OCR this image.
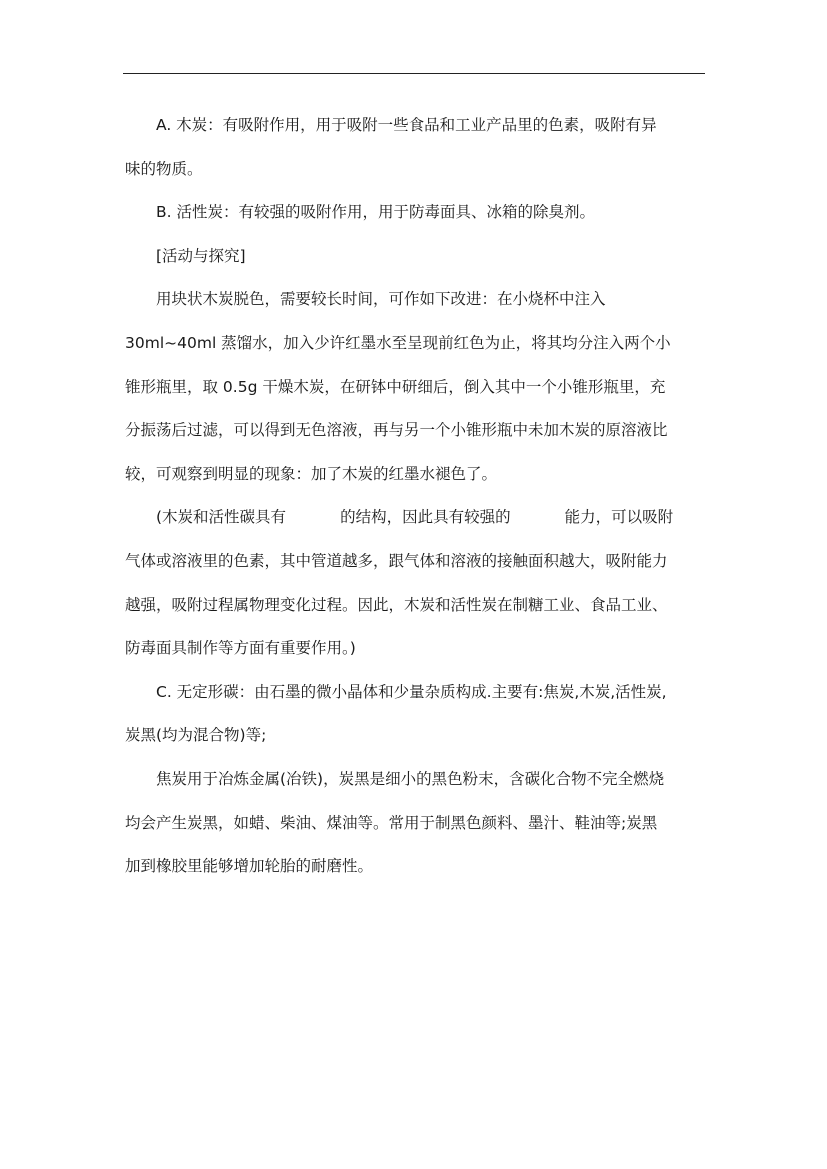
A. 木炭：有吸附作用，用于吸附一些食品和工业产品里的色素，吸附有异
味的物质。
B. 活性炭：有较强的吸附作用，用于防毒面具、冰箱的除臭剂。
[活动与探究]
用块状木炭脱色，需要较长时间，可作如下改进：在小烧杯中注入
30ml~40ml 蒸馏水，加入少许红墨水至呈现前红色为止，将其均分注入两个小
锥形瓶里，取 0.5g 干燥木炭，在研钵中研细后，倒入其中一个小锥形瓶里，充
分振荡后过滤，可以得到无色溶液，再与另一个小锥形瓶中未加木炭的原溶液比
较，可观察到明显的现象：加了木炭的红墨水褪色了。
(木炭和活性碳具有	的结构，因此具有较强的	能力，可以吸附
气体或溶液里的色素，其中管道越多，跟气体和溶液的接触面积越大，吸附能力
越强，吸附过程属物理变化过程。因此，木炭和活性炭在制糖工业、食品工业、
防毒面具制作等方面有重要作用。)
C. 无定形碳：由石墨的微小晶体和少量杂质构成.主要有:焦炭,木炭,活性炭,
炭黑(均为混合物)等;
焦炭用于冶炼金属(冶铁)，炭黑是细小的黑色粉末，含碳化合物不完全燃烧
均会产生炭黑，如蜡、柴油、煤油等。常用于制黑色颜料、墨汁、鞋油等;炭黑
加到橡胶里能够增加轮胎的耐磨性。
